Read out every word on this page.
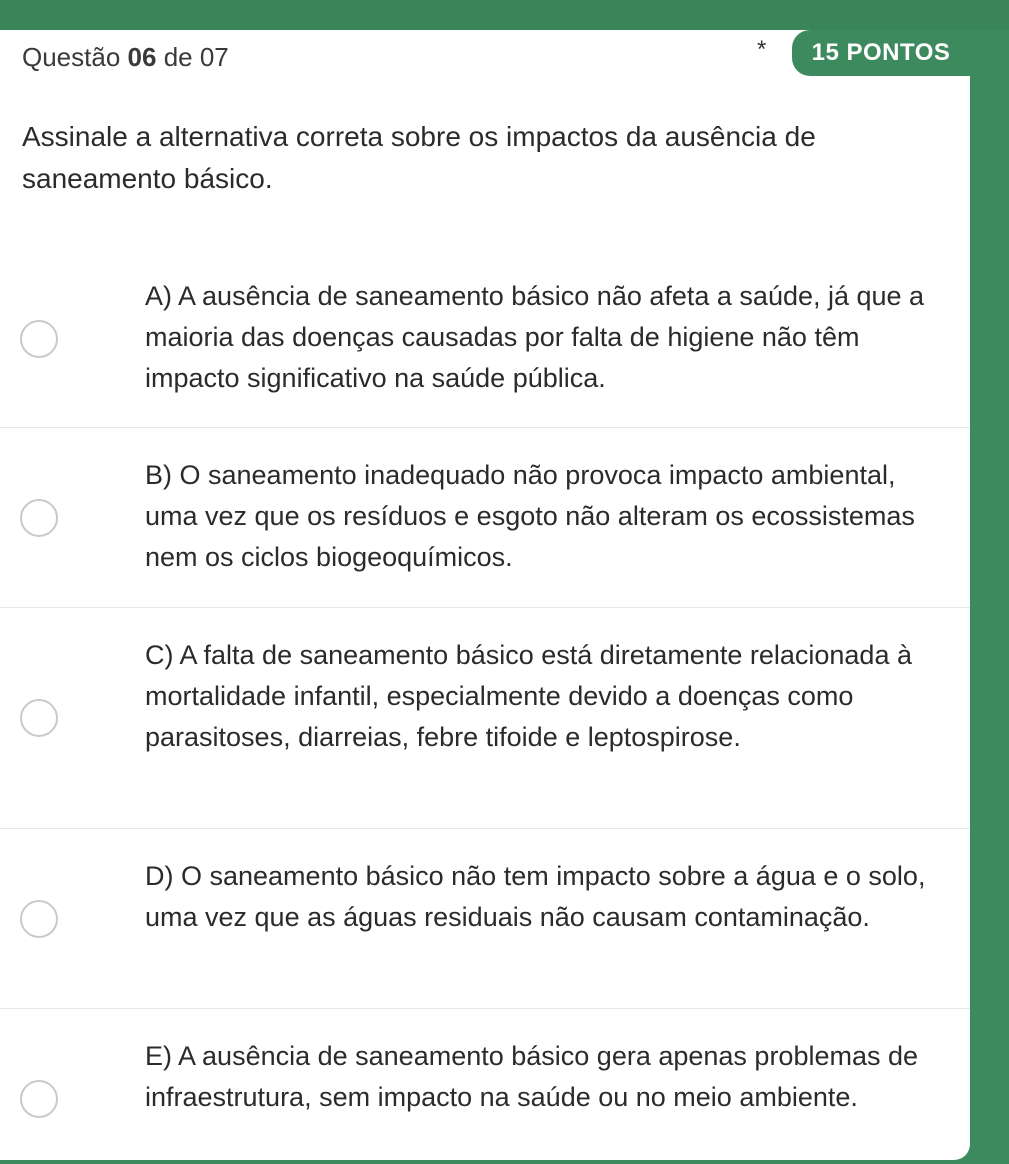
Questão 06 de 07	*	15 PONTOS
Assinale a alternativa correta sobre os impactos da ausência de saneamento básico.
A) A ausência de saneamento básico não afeta a saúde, já que a maioria das doenças causadas por falta de higiene não têm impacto significativo na saúde pública.
B) O saneamento inadequado não provoca impacto ambiental, uma vez que os resíduos e esgoto não alteram os ecossistemas nem os ciclos biogeoquímicos.
C) A falta de saneamento básico está diretamente relacionada à mortalidade infantil, especialmente devido a doenças como parasitoses, diarreias, febre tifoide e leptospirose.
D) O saneamento básico não tem impacto sobre a água e o solo, uma vez que as águas residuais não causam contaminação.
E) A ausência de saneamento básico gera apenas problemas de infraestrutura, sem impacto na saúde ou no meio ambiente.
